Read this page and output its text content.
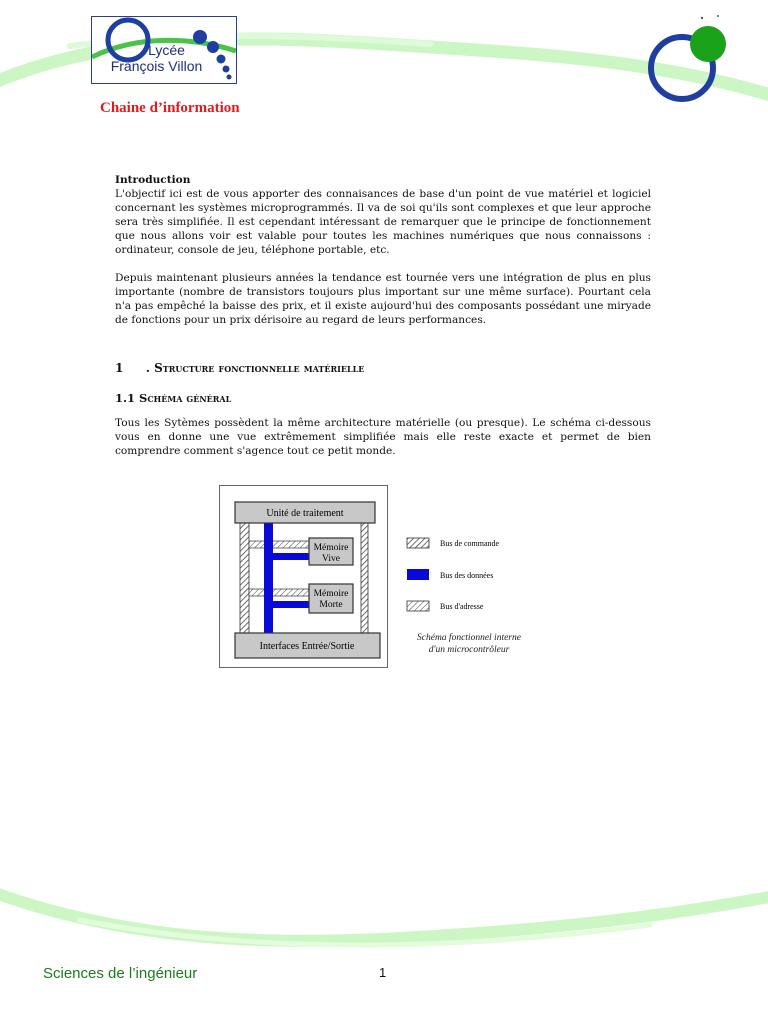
Lycée
François Villon
Chaine d’information

Introduction

L'objectif ici est de vous apporter des connaisances de base d'un point de vue matériel et logiciel concernant les systèmes microprogrammés. Il va de soi qu'ils sont complexes et que leur approche sera très simplifiée. Il est cependant intéressant de remarquer que le principe de fonctionnement que nous allons voir est valable pour toutes les machines numériques que nous connaissons : ordinateur, console de jeu, téléphone portable, etc.

Depuis maintenant plusieurs années la tendance est tournée vers une intégration de plus en plus importante (nombre de transistors toujours plus important sur une même surface). Pourtant cela n'a pas empêché la baisse des prix, et il existe aujourd'hui des composants possédant une miryade de fonctions pour un prix dérisoire au regard de leurs performances.

1 . Structure fonctionnelle matérielle
1.1 Schéma général
Tous les Sytèmes possèdent la même architecture matérielle (ou presque). Le schéma ci-dessous vous en donne une vue extrêmement simplifiée mais elle reste exacte et permet de bien comprendre comment s'agence tout ce petit monde.
Unité de traitement
Mémoire
Vive
Mémoire
Morte
Interfaces Entrée/Sortie
Bus de commande
Bus des données
Bus d'adresse
Schéma fonctionnel interne
d'un microcontrôleur
Sciences de l’ingénieur	1
